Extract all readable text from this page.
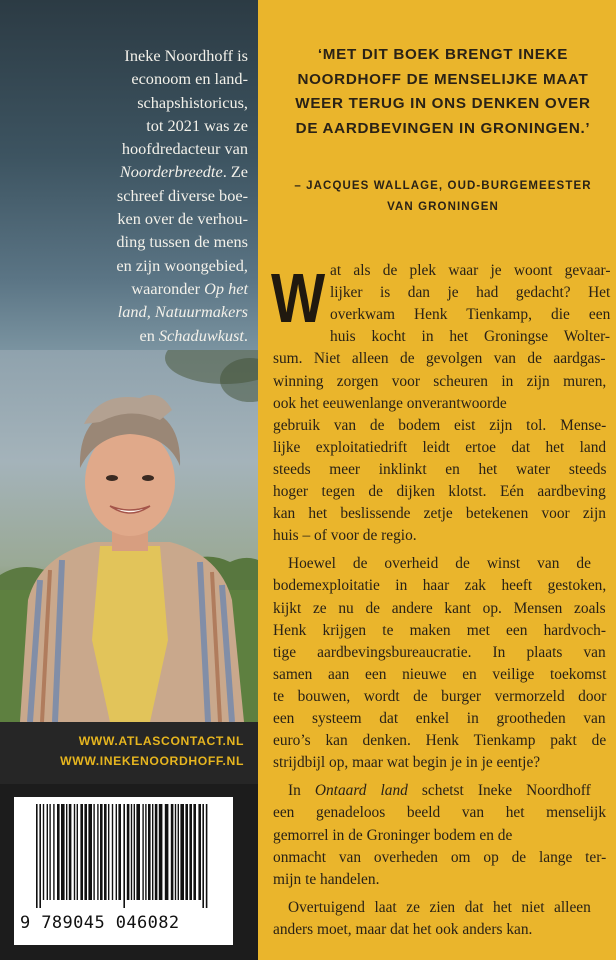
Ineke Noordhoff is
econoom en land-
schapshistoricus,
tot 2021 was ze
hoofdredacteur van
Noorderbreedte. Ze
schreef diverse boe-
ken over de verhou-
ding tussen de mens
en zijn woongebied,
waaronder Op het
land, Natuurmakers
en Schaduwkust.

WWW.ATLASCONTACT.NL
WWW.INEKENOORDHOFF.NL

9 789045 046082

‘MET DIT BOEK BRENGT INEKE
NOORDHOFF DE MENSELIJKE MAAT
WEER TERUG IN ONS DENKEN OVER
DE AARDBEVINGEN IN GRONINGEN.’

– JACQUES WALLAGE, OUD-BURGEMEESTER
VAN GRONINGEN

W at als de plek waar je woont gevaar-
lijker is dan je had gedacht? Het
overkwam Henk Tienkamp, die een
huis kocht in het Groningse Wolter-
sum. Niet alleen de gevolgen van de aardgas-
winning zorgen voor scheuren in zijn muren,
ook het eeuwenlange onverantwoorde
gebruik van de bodem eist zijn tol. Mense-
lijke exploitatiedrift leidt ertoe dat het land
steeds meer inklinkt en het water steeds
hoger tegen de dijken klotst. Eén aardbeving
kan het beslissende zetje betekenen voor zijn
huis – of voor de regio.
Hoewel de overheid de winst van de
bodemexploitatie in haar zak heeft gestoken,
kijkt ze nu de andere kant op. Mensen zoals
Henk krijgen te maken met een hardvoch-
tige aardbevingsbureaucratie. In plaats van
samen aan een nieuwe en veilige toekomst
te bouwen, wordt de burger vermorzeld door
een systeem dat enkel in grootheden van
euro’s kan denken. Henk Tienkamp pakt de
strijdbijl op, maar wat begin je in je eentje?
In Ontaard land schetst Ineke Noordhoff
een genadeloos beeld van het menselijk
gemorrel in de Groninger bodem en de
onmacht van overheden om op de lange ter-
mijn te handelen.
Overtuigend laat ze zien dat het niet alleen
anders moet, maar dat het ook anders kan.
